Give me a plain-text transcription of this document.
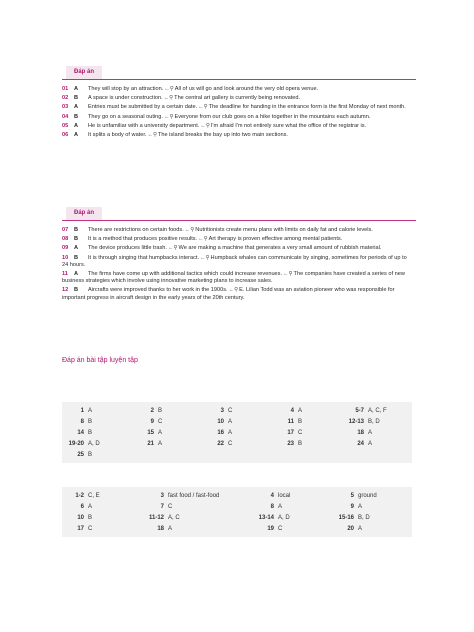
Đáp án
01 A They will stop by an attraction.←⚲All of us will go and look around the very old opera venue.
02 B A space is under construction.←⚲The central art gallery is currently being renovated.
03 A Entries must be submitted by a certain date.←⚲The deadline for handing in the entrance form is the first Monday of next month.
04 B They go on a seasonal outing.←⚲Everyone from our club goes on a hike together in the mountains each autumn.
05 A He is unfamiliar with a university department.←⚲I'm afraid I'm not entirely sure what the office of the registrar is.
06 A It splits a body of water.←⚲The island breaks the bay up into two main sections.
Đáp án
07 B There are restrictions on certain foods.←⚲Nutritionists create menu plans with limits on daily fat and calorie levels.
08 B It is a method that produces positive results.←⚲Art therapy is proven effective among mental patients.
09 A The device produces little trash.←⚲We are making a machine that generates a very small amount of rubbish material.
10 B It is through singing that humpbacks interact.←⚲Humpback whales can communicate by singing, sometimes for periods of up to 24 hours.
11 A The firms have come up with additional tactics which could increase revenues.←⚲The companies have created a series of new business strategies which involve using innovative marketing plans to increase sales.
12 B Aircrafts were improved thanks to her work in the 1900s.←⚲E. Lilian Todd was an aviation pioneer who was responsible for important progress in aircraft design in the early years of the 20th century.
Đáp án bài tập luyện tập
1 A	2 B	3 C	4 A	5-7 A, C, F
8 B	9 C	10 A	11 B	12-13 B, D
14 B	15 A	16 A	17 C	18 A
19-20 A, D	21 A	22 C	23 B	24 A
25 B
1-2 C, E	3 fast food / fast-food	4 local	5 ground
6 A	7 C	8 A	9 A
10 B	11-12 A, C	13-14 A, D	15-16 B, D
17 C	18 A	19 C	20 A
